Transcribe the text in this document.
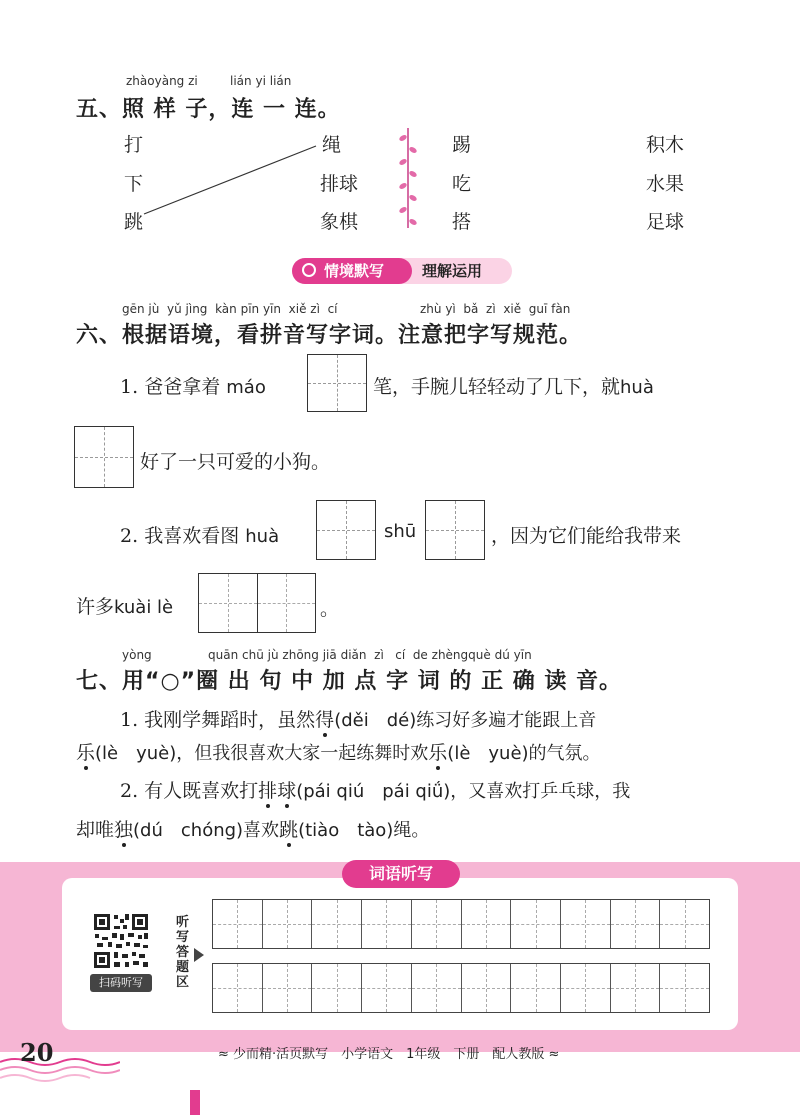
zhàoyàng zi	lián yi lián
五、照 样 子，连 一 连。
打
下
跳
绳
排球
象棋
踢
吃
搭
积木
水果
足球
情境默写	理解运用
gēn jù yǔ jìng kàn pīn yīn xiě zì cí	zhù yì bǎ zì xiě guī fàn
六、根据语境，看拼音写字词。注意把字写规范。
1. 爸爸拿着 máo	笔，手腕儿轻轻动了几下，就huà
好了一只可爱的小狗。
2. 我喜欢看图 huà	shū	，因为它们能给我带来
许多kuài lè	。
yòng	quān chū jù zhōng jiā diǎn zì cí de zhèngquè dú yīn
七、用“○”圈 出 句 中 加 点 字 词 的 正 确 读 音。
1. 我刚学舞蹈时，虽然得(děi　dé)练习好多遍才能跟上音
乐(lè　yuè)，但我很喜欢大家一起练舞时欢乐(lè　yuè)的气氛。
2. 有人既喜欢打排球(pái qiú　pái qiǘ)，又喜欢打乒乓球，我
却唯独(dú　chóng)喜欢跳(tiào　tào)绳。
词语听写
扫码听写
听写答题区
20	≈ 少而精·活页默写　小学语文　1年级　下册　配人教版 ≈
